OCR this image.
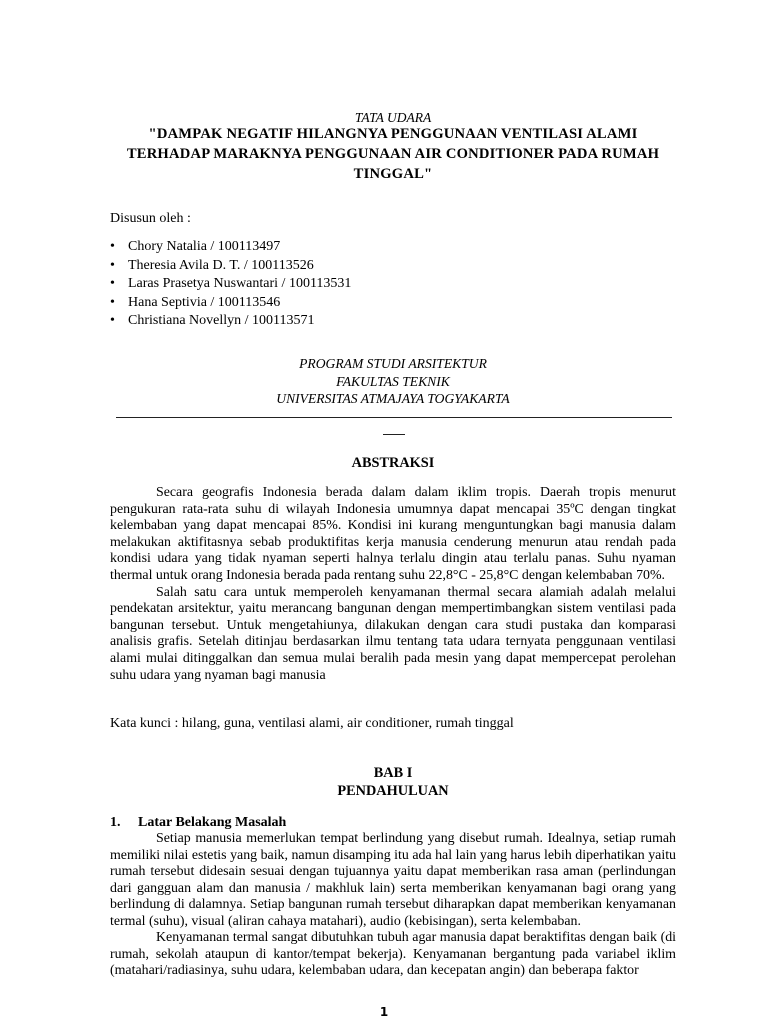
TATA UDARA
"DAMPAK NEGATIF HILANGNYA PENGGUNAAN VENTILASI ALAMI
TERHADAP MARAKNYA PENGGUNAAN AIR CONDITIONER PADA RUMAH
TINGGAL"
Disusun oleh :
• Chory Natalia / 100113497
• Theresia Avila D. T. / 100113526
• Laras Prasetya Nuswantari / 100113531
• Hana Septivia / 100113546
• Christiana Novellyn / 100113571
PROGRAM STUDI ARSITEKTUR
FAKULTAS TEKNIK
UNIVERSITAS ATMAJAYA TOGYAKARTA
ABSTRAKSI

Secara geografis Indonesia berada dalam dalam iklim tropis. Daerah tropis menurut pengukuran rata-rata suhu di wilayah Indonesia umumnya dapat mencapai 35ºC dengan tingkat kelembaban yang dapat mencapai 85%. Kondisi ini kurang menguntungkan bagi manusia dalam melakukan aktifitasnya sebab produktifitas kerja manusia cenderung menurun atau rendah pada kondisi udara yang tidak nyaman seperti halnya terlalu dingin atau terlalu panas. Suhu nyaman thermal untuk orang Indonesia berada pada rentang suhu 22,8°C - 25,8°C dengan kelembaban 70%.

Salah satu cara untuk memperoleh kenyamanan thermal secara alamiah adalah melalui pendekatan arsitektur, yaitu merancang bangunan dengan mempertimbangkan sistem ventilasi pada bangunan tersebut. Untuk mengetahiunya, dilakukan dengan cara studi pustaka dan komparasi analisis grafis. Setelah ditinjau berdasarkan ilmu tentang tata udara ternyata penggunaan ventilasi alami mulai ditinggalkan dan semua mulai beralih pada mesin yang dapat mempercepat perolehan suhu udara yang nyaman bagi manusia

Kata kunci : hilang, guna, ventilasi alami, air conditioner, rumah tinggal
BAB I
PENDAHULUAN
1. Latar Belakang Masalah

Setiap manusia memerlukan tempat berlindung yang disebut rumah. Idealnya, setiap rumah memiliki nilai estetis yang baik, namun disamping itu ada hal lain yang harus lebih diperhatikan yaitu rumah tersebut didesain sesuai dengan tujuannya yaitu dapat memberikan rasa aman (perlindungan dari gangguan alam dan manusia / makhluk lain) serta memberikan kenyamanan bagi orang yang berlindung di dalamnya. Setiap bangunan rumah tersebut diharapkan dapat memberikan kenyamanan termal (suhu), visual (aliran cahaya matahari), audio (kebisingan), serta kelembaban.

Kenyamanan termal sangat dibutuhkan tubuh agar manusia dapat beraktifitas dengan baik (di rumah, sekolah ataupun di kantor/tempat bekerja). Kenyamanan bergantung pada variabel iklim (matahari/radiasinya, suhu udara, kelembaban udara, dan kecepatan angin) dan beberapa faktor

1
